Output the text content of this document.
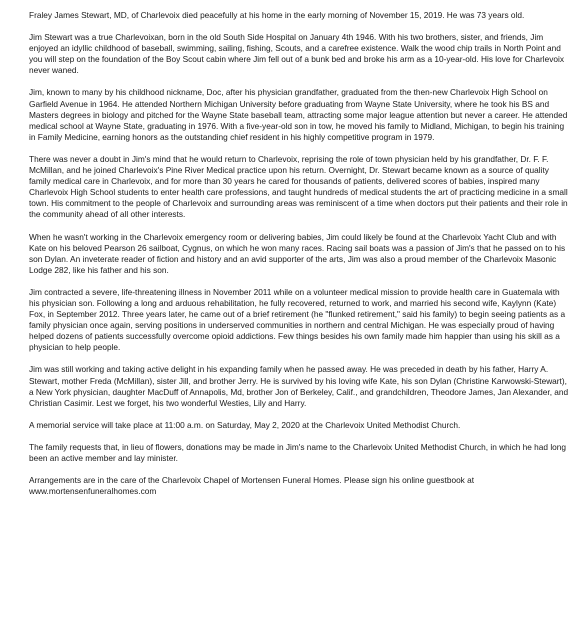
Fraley James Stewart, MD, of Charlevoix died peacefully at his home in the early morning of November 15, 2019. He was 73 years old.

Jim Stewart was a true Charlevoixan, born in the old South Side Hospital on January 4th 1946. With his two brothers, sister, and friends, Jim enjoyed an idyllic childhood of baseball, swimming, sailing, fishing, Scouts, and a carefree existence. Walk the wood chip trails in North Point and you will step on the foundation of the Boy Scout cabin where Jim fell out of a bunk bed and broke his arm as a 10-year-old. His love for Charlevoix never waned.

Jim, known to many by his childhood nickname, Doc, after his physician grandfather, graduated from the then-new Charlevoix High School on Garfield Avenue in 1964. He attended Northern Michigan University before graduating from Wayne State University, where he took his BS and Masters degrees in biology and pitched for the Wayne State baseball team, attracting some major league attention but never a career. He attended medical school at Wayne State, graduating in 1976. With a five-year-old son in tow, he moved his family to Midland, Michigan, to begin his training in Family Medicine, earning honors as the outstanding chief resident in his highly competitive program in 1979.

There was never a doubt in Jim's mind that he would return to Charlevoix, reprising the role of town physician held by his grandfather, Dr. F. F. McMillan, and he joined Charlevoix's Pine River Medical practice upon his return. Overnight, Dr. Stewart became known as a source of quality family medical care in Charlevoix, and for more than 30 years he cared for thousands of patients, delivered scores of babies, inspired many Charlevoix High School students to enter health care professions, and taught hundreds of medical students the art of practicing medicine in a small town. His commitment to the people of Charlevoix and surrounding areas was reminiscent of a time when doctors put their patients and their role in the community ahead of all other interests.

When he wasn't working in the Charlevoix emergency room or delivering babies, Jim could likely be found at the Charlevoix Yacht Club and with Kate on his beloved Pearson 26 sailboat, Cygnus, on which he won many races. Racing sail boats was a passion of Jim's that he passed on to his son Dylan. An inveterate reader of fiction and history and an avid supporter of the arts, Jim was also a proud member of the Charlevoix Masonic Lodge 282, like his father and his son.

Jim contracted a severe, life-threatening illness in November 2011 while on a volunteer medical mission to provide health care in Guatemala with his physician son. Following a long and arduous rehabilitation, he fully recovered, returned to work, and married his second wife, Kaylynn (Kate) Fox, in September 2012. Three years later, he came out of a brief retirement (he "flunked retirement," said his family) to begin seeing patients as a family physician once again, serving positions in underserved communities in northern and central Michigan. He was especially proud of having helped dozens of patients successfully overcome opioid addictions. Few things besides his own family made him happier than using his skill as a physician to help people.

Jim was still working and taking active delight in his expanding family when he passed away. He was preceded in death by his father, Harry A. Stewart, mother Freda (McMillan), sister Jill, and brother Jerry. He is survived by his loving wife Kate, his son Dylan (Christine Karwowski-Stewart), a New York physician, daughter MacDuff of Annapolis, Md, brother Jon of Berkeley, Calif., and grandchildren, Theodore James, Jan Alexander, and Christian Casimir. Lest we forget, his two wonderful Westies, Lily and Harry.

A memorial service will take place at 11:00 a.m. on Saturday, May 2, 2020 at the Charlevoix United Methodist Church.

The family requests that, in lieu of flowers, donations may be made in Jim's name to the Charlevoix United Methodist Church, in which he had long been an active member and lay minister.

Arrangements are in the care of the Charlevoix Chapel of Mortensen Funeral Homes. Please sign his online guestbook at www.mortensenfuneralhomes.com
